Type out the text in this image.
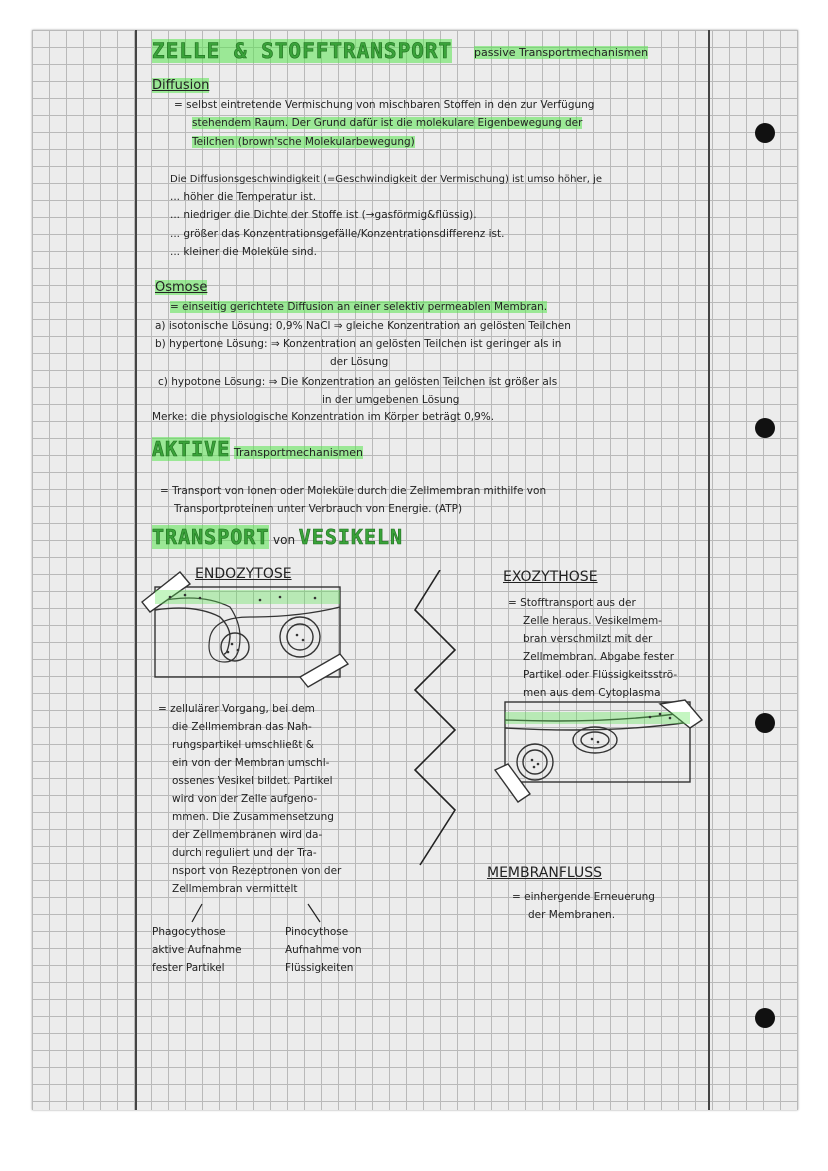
ZELLE & STOFFTRANSPORT passive Transportmechanismen
Diffusion
= selbst eintretende Vermischung von mischbaren Stoffen in den zur Verfügung
stehendem Raum. Der Grund dafür ist die molekulare Eigenbewegung der
Teilchen (brown'sche Molekularbewegung)
Die Diffusionsgeschwindigkeit (=Geschwindigkeit der Vermischung) ist umso höher, je
... höher die Temperatur ist.
... niedriger die Dichte der Stoffe ist (→gasförmig&flüssig).
... größer das Konzentrationsgefälle/Konzentrationsdifferenz ist.
... kleiner die Moleküle sind.
Osmose
= einseitig gerichtete Diffusion an einer selektiv permeablen Membran.
a) isotonische Lösung: 0,9% NaCl ⇒ gleiche Konzentration an gelösten Teilchen
b) hypertone Lösung: ⇒ Konzentration an gelösten Teilchen ist geringer als in
der Lösung
c) hypotone Lösung: ⇒ Die Konzentration an gelösten Teilchen ist größer als
in der umgebenen Lösung
Merke: die physiologische Konzentration im Körper beträgt 0,9%.
AKTIVE Transportmechanismen
= Transport von Ionen oder Moleküle durch die Zellmembran mithilfe von
Transportproteinen unter Verbrauch von Energie. (ATP)
TRANSPORT von VESIKELN
ENDOZYTOSE
= zellulärer Vorgang, bei dem
die Zellmembran das Nah-
rungspartikel umschließt &
ein von der Membran umschl-
ossenes Vesikel bildet. Partikel
wird von der Zelle aufgeno-
mmen. Die Zusammensetzung
der Zellmembranen wird da-
durch reguliert und der Tra-
nsport von Rezeptronen von der
Zellmembran vermittelt
Phagocythose
aktive Aufnahme
fester Partikel
Pinocythose
Aufnahme von
Flüssigkeiten
EXOZYTHOSE
= Stofftransport aus der
Zelle heraus. Vesikelmem-
bran verschmilzt mit der
Zellmembran. Abgabe fester
Partikel oder Flüssigkeitsströ-
men aus dem Cytoplasma
MEMBRANFLUSS
= einhergende Erneuerung
der Membranen.
